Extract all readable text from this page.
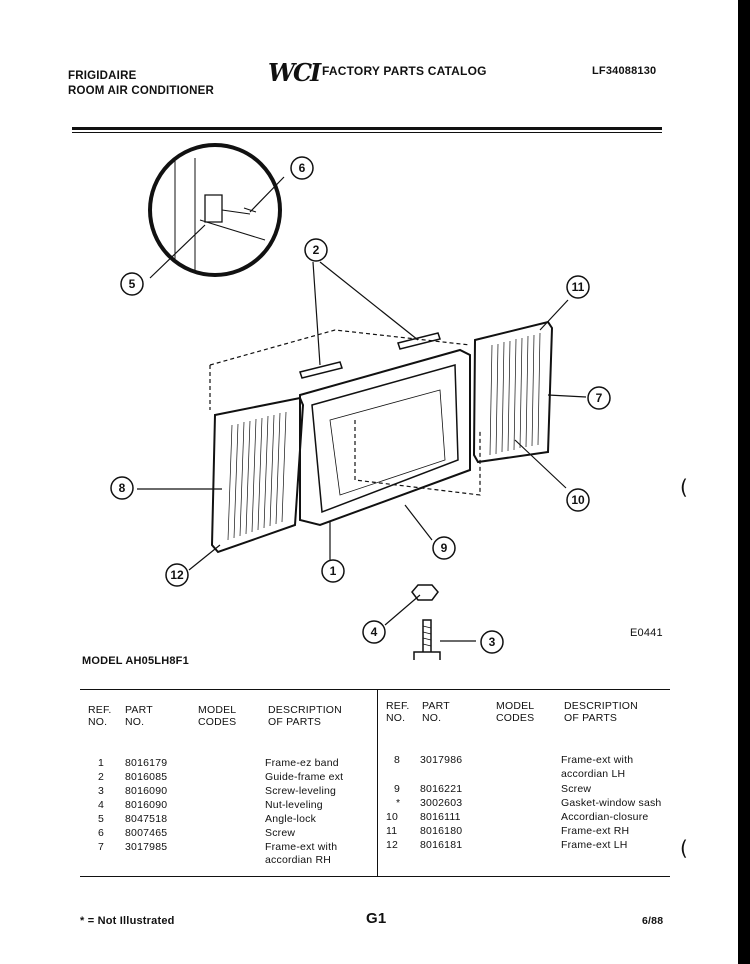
FRIGIDAIRE
ROOM AIR CONDITIONER
WCI FACTORY PARTS CATALOG	LF34088130
6
5
2
11
7
10
8
12	1
9
4
3
E0441
MODEL AH05LH8F1
REF.
NO.
PART
NO.
MODEL
CODES
DESCRIPTION
OF PARTS
REF.
NO.
PART
NO.
MODEL
CODES
DESCRIPTION
OF PARTS
1 8016179	Frame-ez band
2 8016085	Guide-frame ext
3 8016090	Screw-leveling
4 8016090	Nut-leveling
5 8047518	Angle-lock
6 8007465	Screw
7 3017985	Frame-ext with
accordian RH
8 3017986	Frame-ext with
accordian LH
9 8016221	Screw
* 3002603	Gasket-window sash
10 8016111	Accordian-closure
11 8016180	Frame-ext RH
12 8016181	Frame-ext LH
* = Not Illustrated	G1	6/88
(
(
